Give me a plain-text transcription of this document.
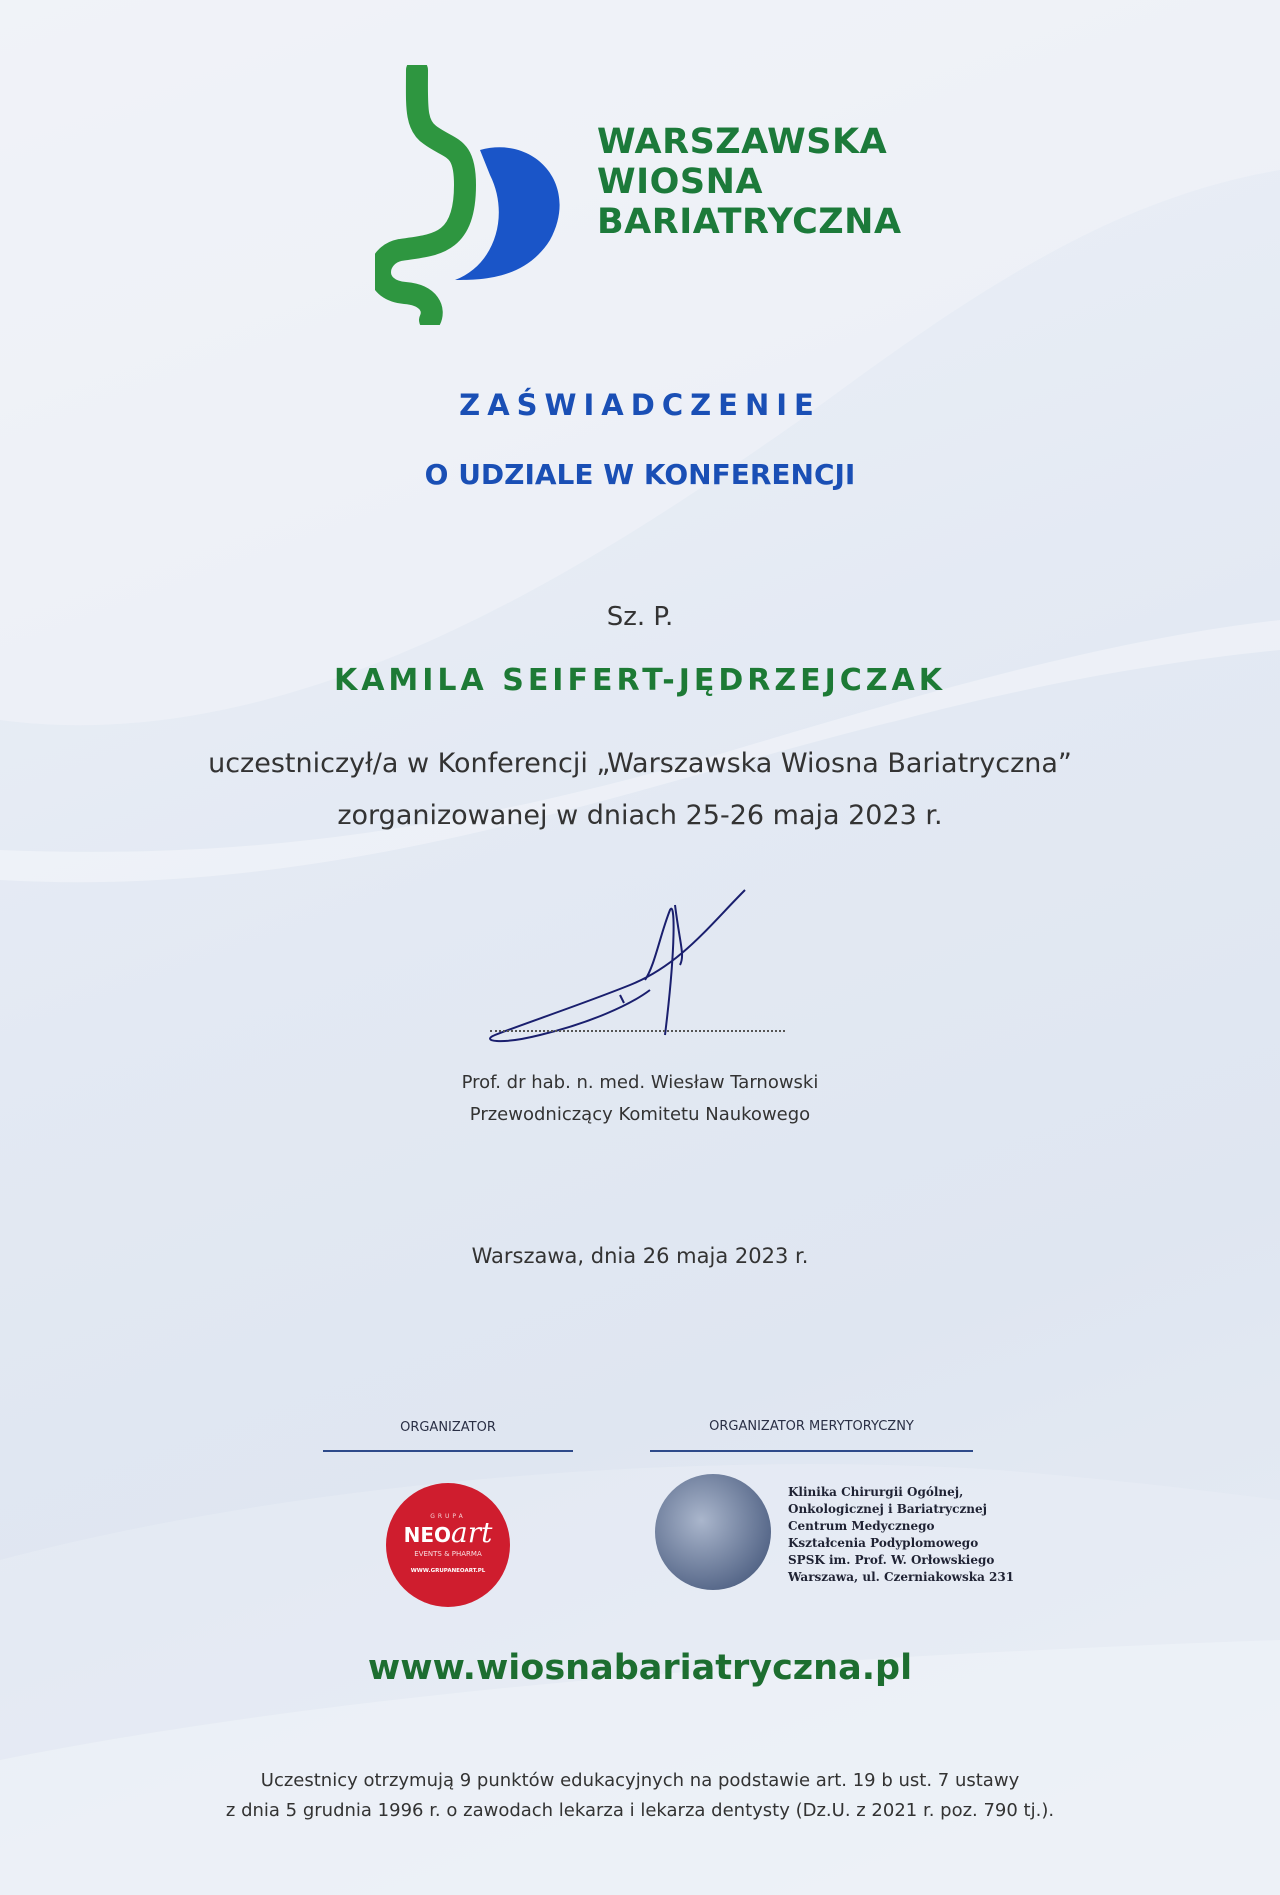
WARSZAWSKA
WIOSNA
BARIATRYCZNA
ZAŚWIADCZENIE
O UDZIALE W KONFERENCJI
Sz. P.
KAMILA SEIFERT-JĘDRZEJCZAK
uczestniczył/a w Konferencji „Warszawska Wiosna Bariatryczna”
zorganizowanej w dniach 25-26 maja 2023 r.
Prof. dr hab. n. med. Wiesław Tarnowski
Przewodniczący Komitetu Naukowego
Warszawa, dnia 26 maja 2023 r.
ORGANIZATOR	ORGANIZATOR MERYTORYCZNY
GRUPA
NEOart
EVENTS & PHARMA
WWW.GRUPANEOART.PL
Klinika Chirurgii Ogólnej,
Onkologicznej i Bariatrycznej
Centrum Medycznego
Kształcenia Podyplomowego
SPSK im. Prof. W. Orłowskiego
Warszawa, ul. Czerniakowska 231
www.wiosnabariatryczna.pl
Uczestnicy otrzymują 9 punktów edukacyjnych na podstawie art. 19 b ust. 7 ustawy
z dnia 5 grudnia 1996 r. o zawodach lekarza i lekarza dentysty (Dz.U. z 2021 r. poz. 790 tj.).
